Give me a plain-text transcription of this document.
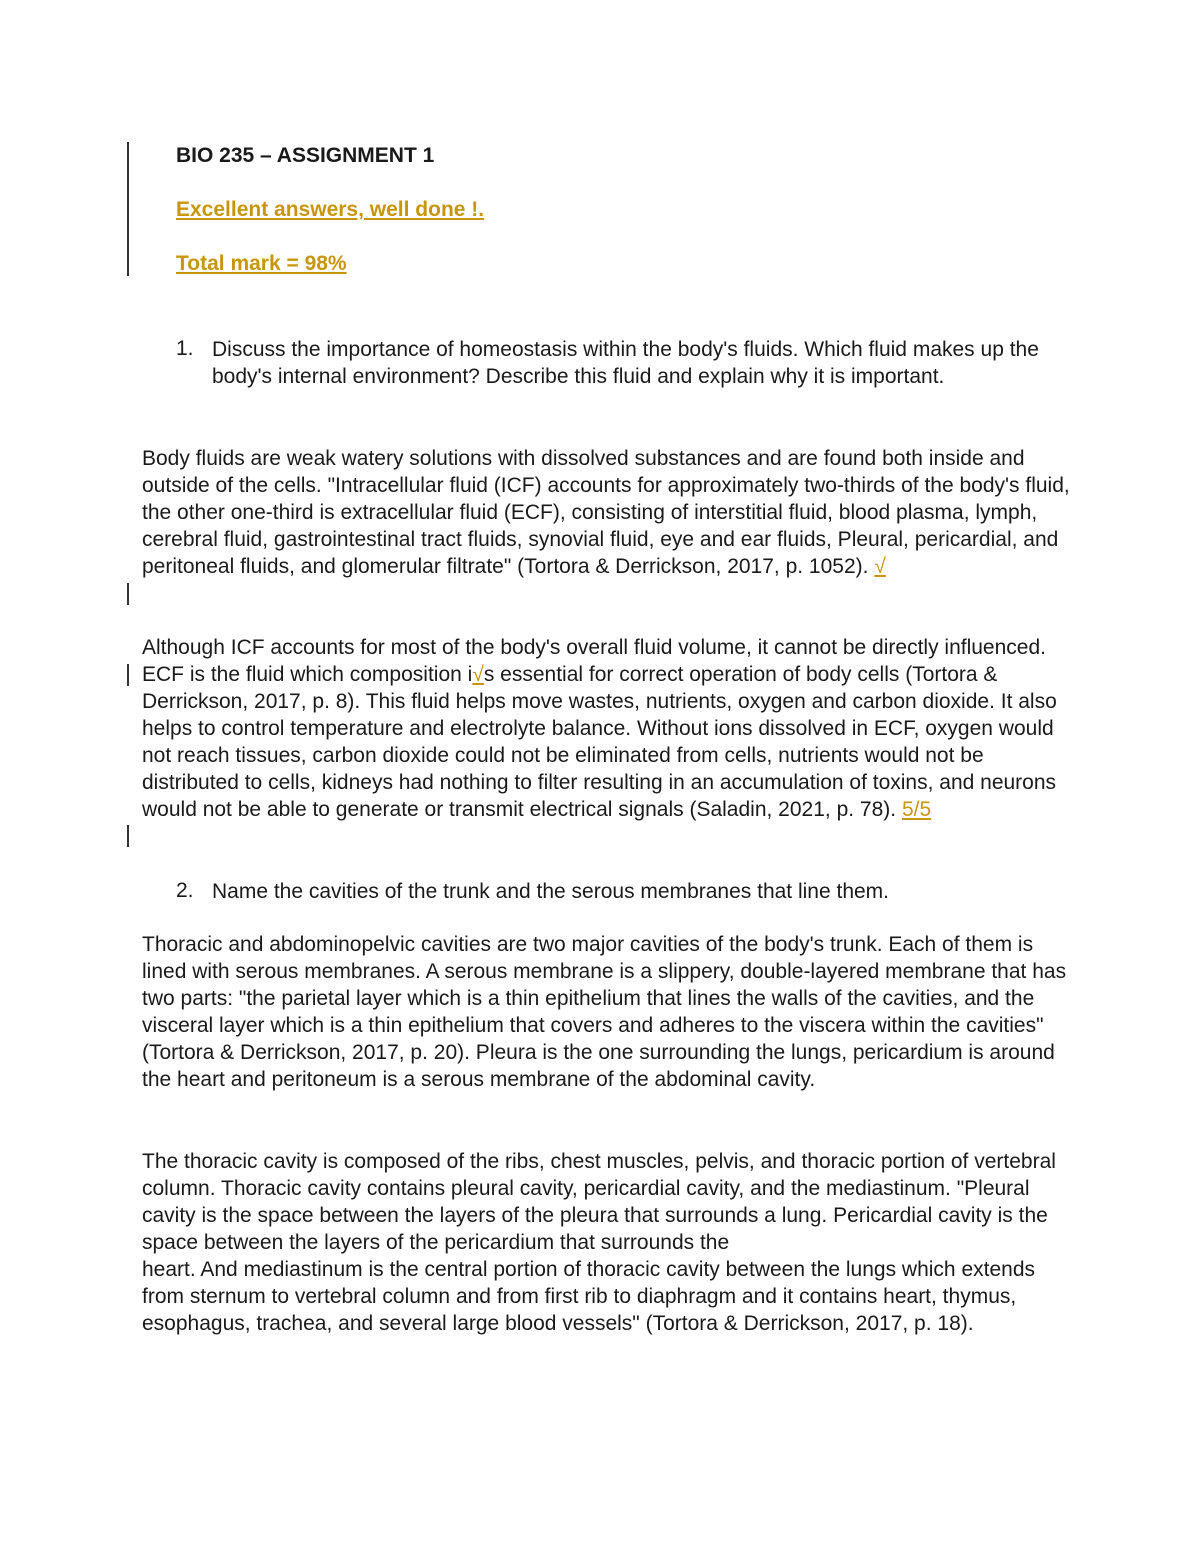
BIO 235 – ASSIGNMENT 1
Excellent answers, well done !.
Total mark = 98%
1. Discuss the importance of homeostasis within the body's fluids. Which fluid makes up the body's internal environment? Describe this fluid and explain why it is important.

Body fluids are weak watery solutions with dissolved substances and are found both inside and outside of the cells. "Intracellular fluid (ICF) accounts for approximately two-thirds of the body's fluid, the other one-third is extracellular fluid (ECF), consisting of interstitial fluid, blood plasma, lymph, cerebral fluid, gastrointestinal tract fluids, synovial fluid, eye and ear fluids, Pleural, pericardial, and peritoneal fluids, and glomerular filtrate" (Tortora & Derrickson, 2017, p. 1052). √

Although ICF accounts for most of the body's overall fluid volume, it cannot be directly influenced. ECF is the fluid which composition i√s essential for correct operation of body cells (Tortora & Derrickson, 2017, p. 8). This fluid helps move wastes, nutrients, oxygen and carbon dioxide. It also helps to control temperature and electrolyte balance. Without ions dissolved in ECF, oxygen would not reach tissues, carbon dioxide could not be eliminated from cells, nutrients would not be distributed to cells, kidneys had nothing to filter resulting in an accumulation of toxins, and neurons would not be able to generate or transmit electrical signals (Saladin, 2021, p. 78). 5/5

2. Name the cavities of the trunk and the serous membranes that line them.

Thoracic and abdominopelvic cavities are two major cavities of the body's trunk. Each of them is lined with serous membranes. A serous membrane is a slippery, double-layered membrane that has two parts: "the parietal layer which is a thin epithelium that lines the walls of the cavities, and the visceral layer which is a thin epithelium that covers and adheres to the viscera within the cavities" (Tortora & Derrickson, 2017, p. 20). Pleura is the one surrounding the lungs, pericardium is around the heart and peritoneum is a serous membrane of the abdominal cavity.

The thoracic cavity is composed of the ribs, chest muscles, pelvis, and thoracic portion of vertebral column. Thoracic cavity contains pleural cavity, pericardial cavity, and the mediastinum. "Pleural cavity is the space between the layers of the pleura that surrounds a lung. Pericardial cavity is the space between the layers of the pericardium that surrounds the

heart. And mediastinum is the central portion of thoracic cavity between the lungs which extends from sternum to vertebral column and from first rib to diaphragm and it contains heart, thymus, esophagus, trachea, and several large blood vessels" (Tortora & Derrickson, 2017, p. 18).
